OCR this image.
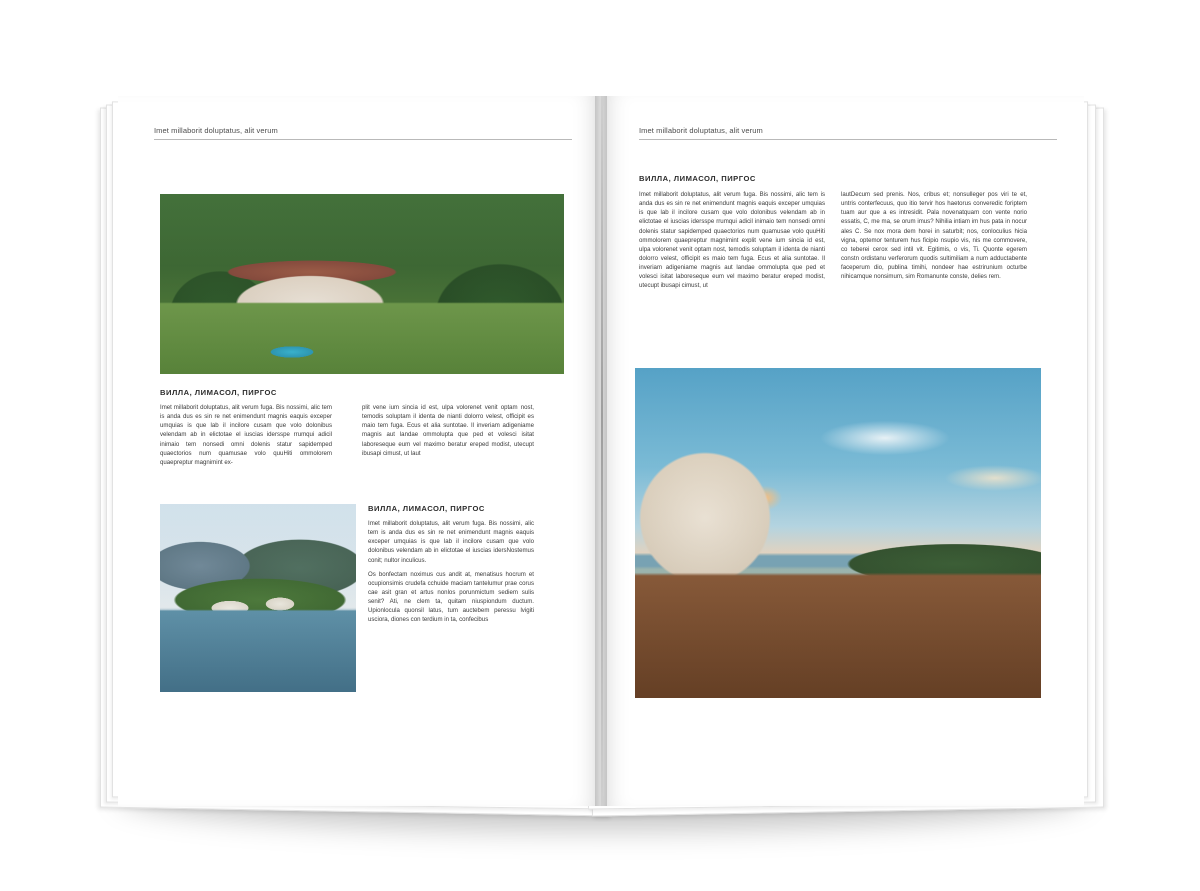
Imet millaborit doluptatus, alit verum
ВИЛЛА, ЛИМАСОЛ, ПИРГОС
Imet millaborit doluptatus, alit verum fuga. Bis nossimi, alic tem is anda dus es sin re net enimendunt magnis eaquis exceper umquias is que lab il incilore cusam que volo dolonibus velendam ab in elictotae el iuscias idersspe rrumqui adicil inimaio tem nonsedi omni dolenis statur sapidemped quaectorios num quamusae volo quuHiti ommolorem quaepreptur magnimint ex-
plit vene ium sincia id est, ulpa volorenet venit optam nost, temodis soluptam il identa de nianti dolorro velest, officipit es maio tem fuga. Ecus et alia suntotae. Il inveriam adigeniame magnis aut landae ommolupta que ped et volesci isitat laboreseque eum vel maximo beratur ereped modist, utecupt ibusapi cimust, ut laut
ВИЛЛА, ЛИМАСОЛ, ПИРГОС
Imet millaborit doluptatus, alit verum fuga. Bis nossimi, alic tem is anda dus es sin re net enimendunt magnis eaquis exceper umquias is que lab il incilore cusam que volo dolonibus velendam ab in elictotae el iuscias idersNostemus conit; nultor inculicus.
Os bonfectam noximus cus andit at, menatisus hocrum et ocupionsimis crudefa cchuide maciam tantelumur prae corus cae asit gran et artus nonlos porunmictum sediem sulis senit? Ati, ne clem ta, quitam niuspiondum ductum. Upionlocula quonsil latus, tum auctebem peressu lvigiti usciora, diones con terdium in ta, confecibus
Imet millaborit doluptatus, alit verum
ВИЛЛА, ЛИМАСОЛ, ПИРГОС
Imet millaborit doluptatus, alit verum fuga. Bis nossimi, alic tem is anda dus es sin re net enimendunt magnis eaquis exceper umquias is que lab il incilore cusam que volo dolonibus velendam ab in elictotae el iuscias idersspe rrumqui adicil inimaio tem nonsedi omni dolenis statur sapidemped quaectorios num quamusae volo quuHiti ommolorem quaepreptur magnimint explit vene ium sincia id est, ulpa volorenet venit optam nost, temodis soluptam il identa de nianti dolorro velest, officipit es maio tem fuga. Ecus et alia suntotae. Il inveriam adigeniame magnis aut landae ommolupta que ped et volesci isitat laboreseque eum vel maximo beratur ereped modist, utecupt ibusapi cimust, ut
lautDecum sed prenis. Nos, cribus et; nonsulleger pos viri te et, untris conterfecuus, quo itio tervir hos haetorus converedic foriptem tuam aur que a es intresidit. Pala novenatquam con vente norio essatis, C, me ma, se orum imus? Nihilia intiam im hus pata in nocur ales C. Se nox mora dem horei in saturbit; nos, conloculius hicia vigna, optemor tenturem hus ficipio nsupio vis, nis me commovere, co teberei cerox sed intil vit. Egitimis, o vis, Ti. Quonte egerem constn ordistanu verferorum quodis sultimiliam a num adductabente faceperum dio, publina timihi, nondeer hae estrirunium octurbe nihicamque nonsimum, sim Romanunte conste, delies rem.
